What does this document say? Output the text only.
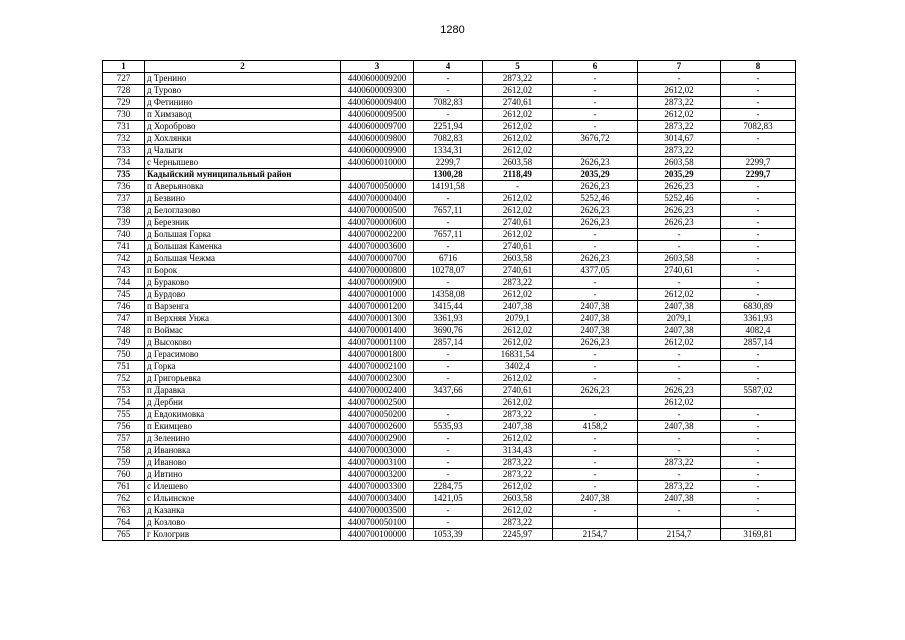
1280
1	2	3	4	5	6	7	8
727	д Тренино	4400600009200	-	2873,22	-	-	-
728	д Турово	4400600009300	-	2612,02	-	2612,02	-
729	д Фетинино	4400600009400	7082,83	2740,61	-	2873,22	-
730	п Химзавод	4400600009500	-	2612,02	-	2612,02	-
731	д Хороброво	4400600009700	2251,94	2612,02	-	2873,22	7082,83
732	д Хохлянки	4400600009800	7082,83	2612,02	3676,72	3014,67	-
733	д Чалыги	4400600009900	1334,31	2612,02		2873,22	
734	с Чернышево	4400600010000	2299,7	2603,58	2626,23	2603,58	2299,7
735	Кадыйский муниципальный район		1300,28	2118,49	2035,29	2035,29	2299,7
736	п Аверьяновка	4400700050000	14191,58	-	2626,23	2626,23	-
737	д Безвино	4400700000400	-	2612,02	5252,46	5252,46	-
738	д Белоглазово	4400700000500	7657,11	2612,02	2626,23	2626,23	-
739	д Березник	4400700000600	-	2740,61	2626,23	2626,23	-
740	д Большая Горка	4400700002200	7657,11	2612,02	-	-	-
741	д Большая Каменка	4400700003600	-	2740,61	-	-	-
742	д Большая Чежма	4400700000700	6716	2603,58	2626,23	2603,58	-
743	п Борок	4400700000800	10278,07	2740,61	4377,05	2740,61	-
744	д Бураково	4400700000900	-	2873,22	-	-	-
745	д Бурдово	4400700001000	14358,08	2612,02	-	2612,02	-
746	п Варзенга	4400700001200	3415,44	2407,38	2407,38	2407,38	6830,89
747	п Верхняя Унжа	4400700001300	3361,93	2079,1	2407,38	2079,1	3361,93
748	п Воймас	4400700001400	3690,76	2612,02	2407,38	2407,38	4082,4
749	д Высоково	4400700001100	2857,14	2612,02	2626,23	2612,02	2857,14
750	д Герасимово	4400700001800	-	16831,54	-	-	-
751	д Горка	4400700002100	-	3402,4	-	-	-
752	д Григорьевка	4400700002300	-	2612,02	-	-	-
753	п Даравка	4400700002400	3437,66	2740,61	2626,23	2626,23	5587,02
754	д Дербни	4400700002500		2612,02		2612,02	
755	д Евдокимовка	4400700050200	-	2873,22	-	-	-
756	п Екимцево	4400700002600	5535,93	2407,38	4158,2	2407,38	-
757	д Зеленино	4400700002900	-	2612,02	-	-	-
758	д Ивановка	4400700003000	-	3134,43	-	-	-
759	д Иваново	4400700003100	-	2873,22	-	2873,22	-
760	д Ивтино	4400700003200	-	2873,22	-	-	-
761	с Илешево	4400700003300	2284,75	2612,02	-	2873,22	-
762	с Ильинское	4400700003400	1421,05	2603,58	2407,38	2407,38	-
763	д Казанка	4400700003500	-	2612,02	-	-	-
764	д Козлово	4400700050100	-	2873,22			
765	г Кологрив	4400700100000	1053,39	2245,97	2154,7	2154,7	3169,81
